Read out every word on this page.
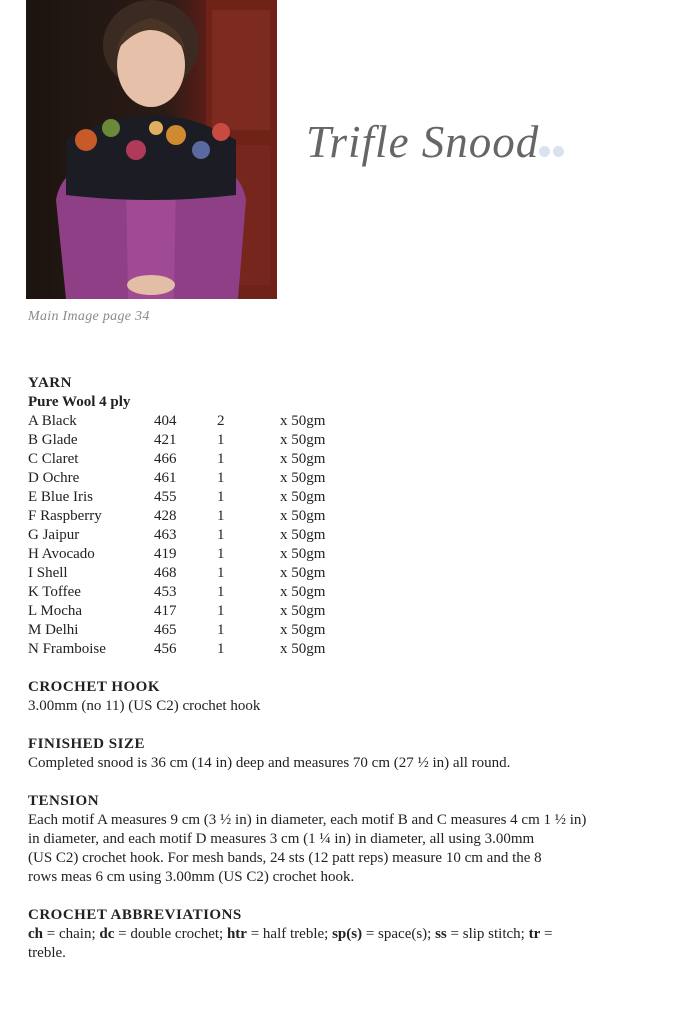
Main Image page 34
Trifle Snood
YARN
Pure Wool 4 ply
A Black	404	2	x 50gm
B Glade	421	1	x 50gm
C Claret	466	1	x 50gm
D Ochre	461	1	x 50gm
E Blue Iris	455	1	x 50gm
F Raspberry	428	1	x 50gm
G Jaipur	463	1	x 50gm
H Avocado	419	1	x 50gm
I Shell	468	1	x 50gm
K Toffee	453	1	x 50gm
L Mocha	417	1	x 50gm
M Delhi	465	1	x 50gm
N Framboise	456	1	x 50gm
CROCHET HOOK

3.00mm (no 11) (US C2) crochet hook

FINISHED SIZE

Completed snood is 36 cm (14 in) deep and measures 70 cm (27 ½ in) all round.

TENSION

Each motif A measures 9 cm (3 ½ in) in diameter, each motif B and C measures 4 cm 1 ½ in)

in diameter, and each motif D measures 3 cm (1 ¼ in) in diameter, all using 3.00mm

(US C2) crochet hook. For mesh bands, 24 sts (12 patt reps) measure 10 cm and the 8

rows meas 6 cm using 3.00mm (US C2) crochet hook.

CROCHET ABBREVIATIONS

ch = chain; dc = double crochet; htr = half treble; sp(s) = space(s); ss = slip stitch; tr = treble.
